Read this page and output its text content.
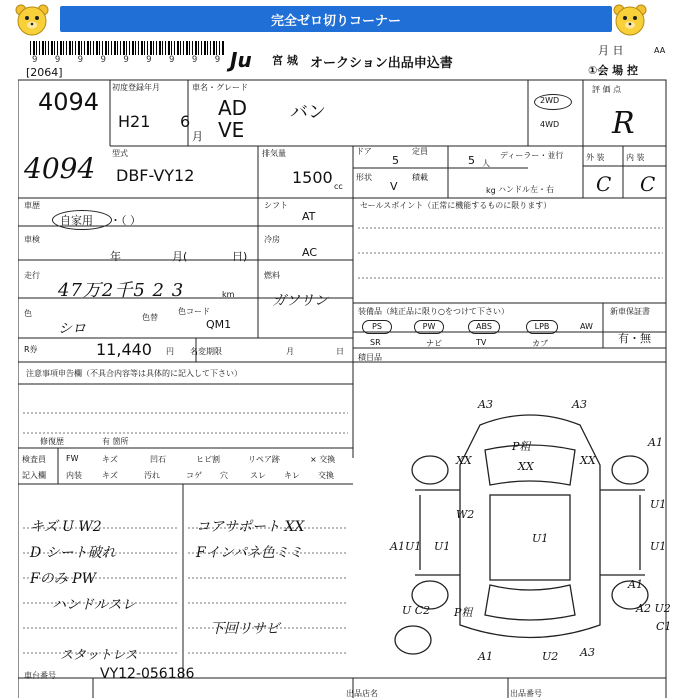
完全ゼロ切りコーナー
9 9 9 9 9 9 9 9 9
[2064]
Ju 宮 城 オークション出品申込書
月 日	AA
①会 場 控
4094
4094
初度登録年月
H21 6
月
車名・グレード
AD
VE
バン
2WD
4WD
評 価 点
R
型式
DBF-VY12
排気量
1500 cc
ドア
5
定員
5 人
ディーラー・並行
形状
V
積載
kg ハンドル 左・右
外 装	内 装
C C
車歴
自家用 ・（ ）
シフト
AT
セールスポイント（正常に機能するものに限ります）
車検
年	月(	日)
冷房
AC
走行
47万2千5 2 3	km
燃料
ガソリン
色
シロ
色替
色コード
QM1
装備品（純正品に限り○をつけて下さい）
PS	PW	ABS	LPB	AW
SR	ナビ	TV	カブ
新車保証書
有・無
積目品
R券	11,440 円 名変期限	月	日
注意事項申告欄（不具合内容等は具体的に記入して下さい）
修復歴	有 箇所
検査員
記入欄
FW	キズ	凹石	ヒビ割	リペア跡	× 交換
内装	キズ	汚れ	コゲ 穴	スレ キレ 交換
キズ U W2
D シート破れ
Fのみ PW
ハンドルスレ
スタットレス
コアサポート XX
Fインパネ色ミミ
下回リサビ
車台番号	VY12-056186
出品店名	出品番号
A3	A3
A1
P粗
XX
XX	XX
W2
A1U1
U1
U1
U1
U1
A1
U C2 P粗	A2 U2
C1
A1	U2 A3
